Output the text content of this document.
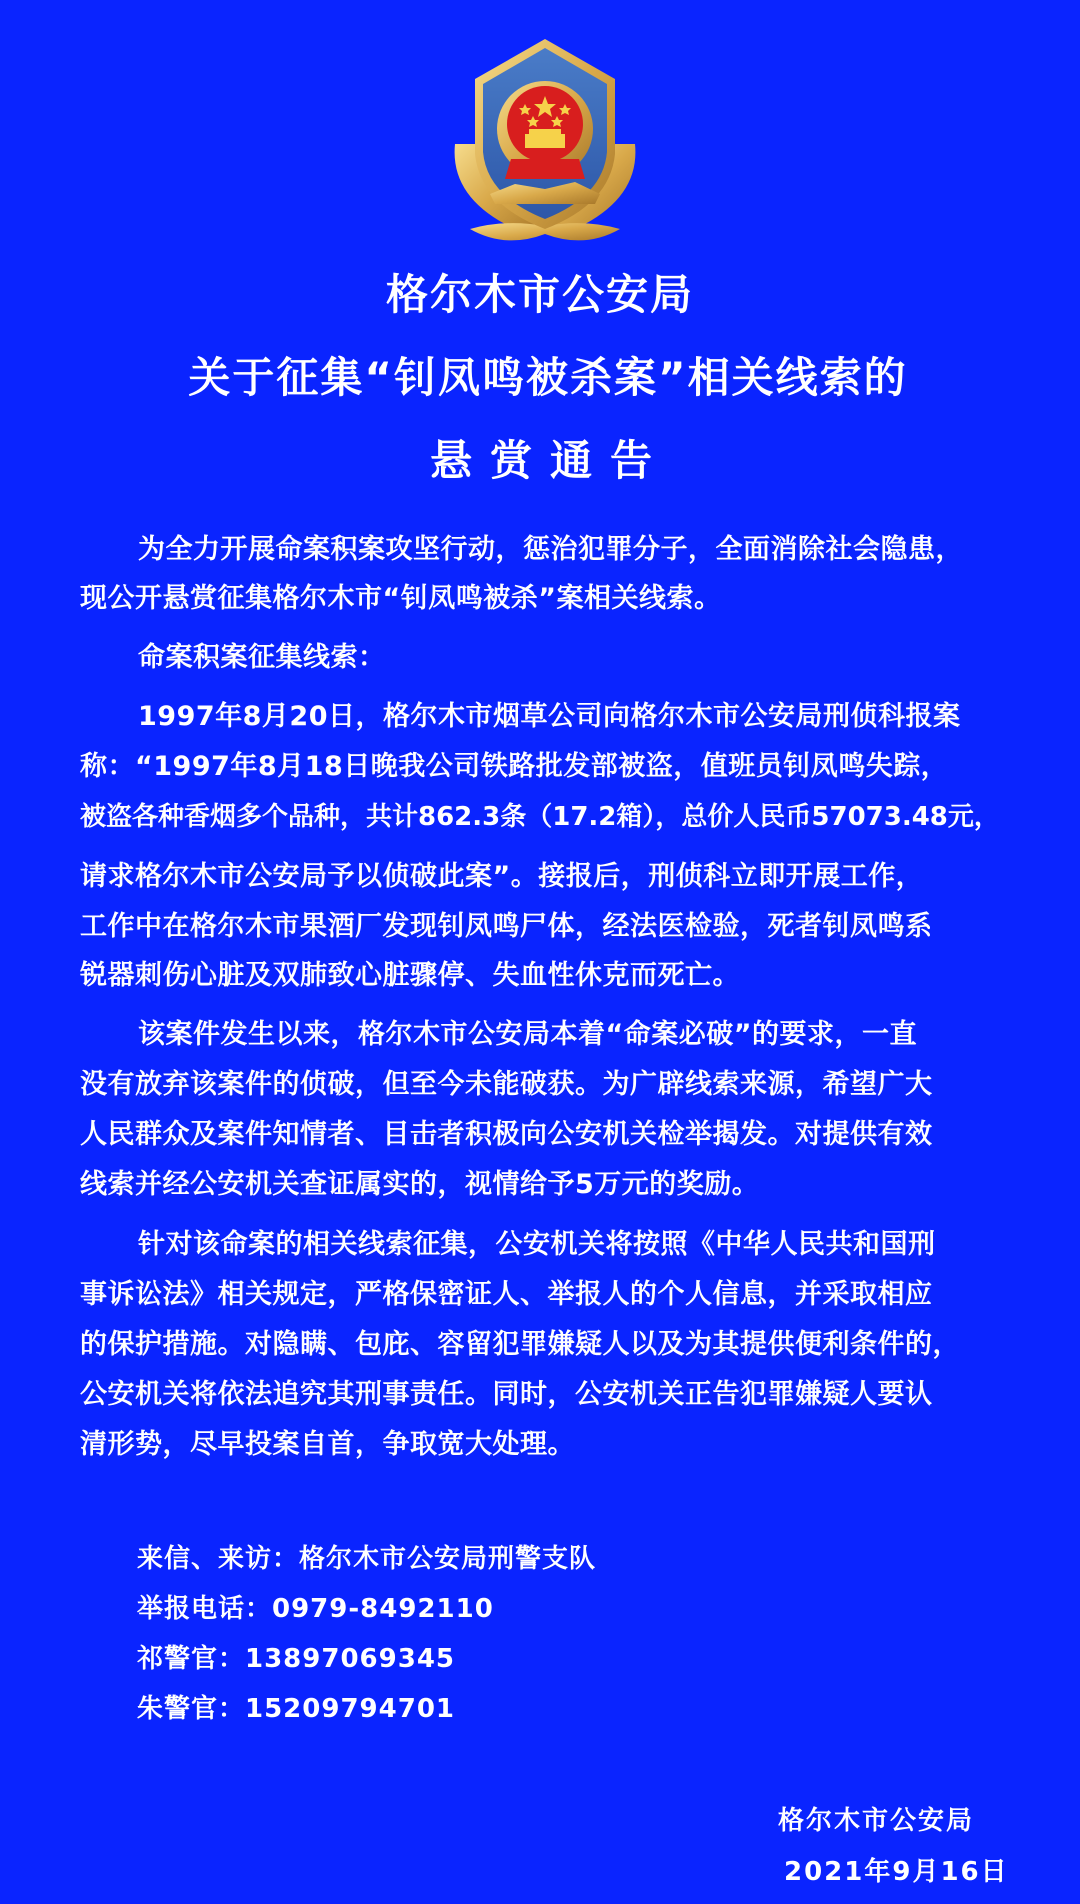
格尔木市公安局
关于征集“钊凤鸣被杀案”相关线索的
悬赏通告
为全力开展命案积案攻坚行动，惩治犯罪分子，全面消除社会隐患，
现公开悬赏征集格尔木市“钊凤鸣被杀”案相关线索。
命案积案征集线索：
1997年8月20日，格尔木市烟草公司向格尔木市公安局刑侦科报案
称：“1997年8月18日晚我公司铁路批发部被盗，值班员钊凤鸣失踪，
被盗各种香烟多个品种，共计862.3条（17.2箱），总价人民币57073.48元，
请求格尔木市公安局予以侦破此案”。接报后，刑侦科立即开展工作，
工作中在格尔木市果酒厂发现钊凤鸣尸体，经法医检验，死者钊凤鸣系
锐器刺伤心脏及双肺致心脏骤停、失血性休克而死亡。
该案件发生以来，格尔木市公安局本着“命案必破”的要求，一直
没有放弃该案件的侦破，但至今未能破获。为广辟线索来源，希望广大
人民群众及案件知情者、目击者积极向公安机关检举揭发。对提供有效
线索并经公安机关查证属实的，视情给予5万元的奖励。
针对该命案的相关线索征集，公安机关将按照《中华人民共和国刑
事诉讼法》相关规定，严格保密证人、举报人的个人信息，并采取相应
的保护措施。对隐瞒、包庇、容留犯罪嫌疑人以及为其提供便利条件的，
公安机关将依法追究其刑事责任。同时，公安机关正告犯罪嫌疑人要认
清形势，尽早投案自首，争取宽大处理。
来信、来访：格尔木市公安局刑警支队
举报电话：0979-8492110
祁警官：13897069345
朱警官：15209794701
格尔木市公安局
2021年9月16日
